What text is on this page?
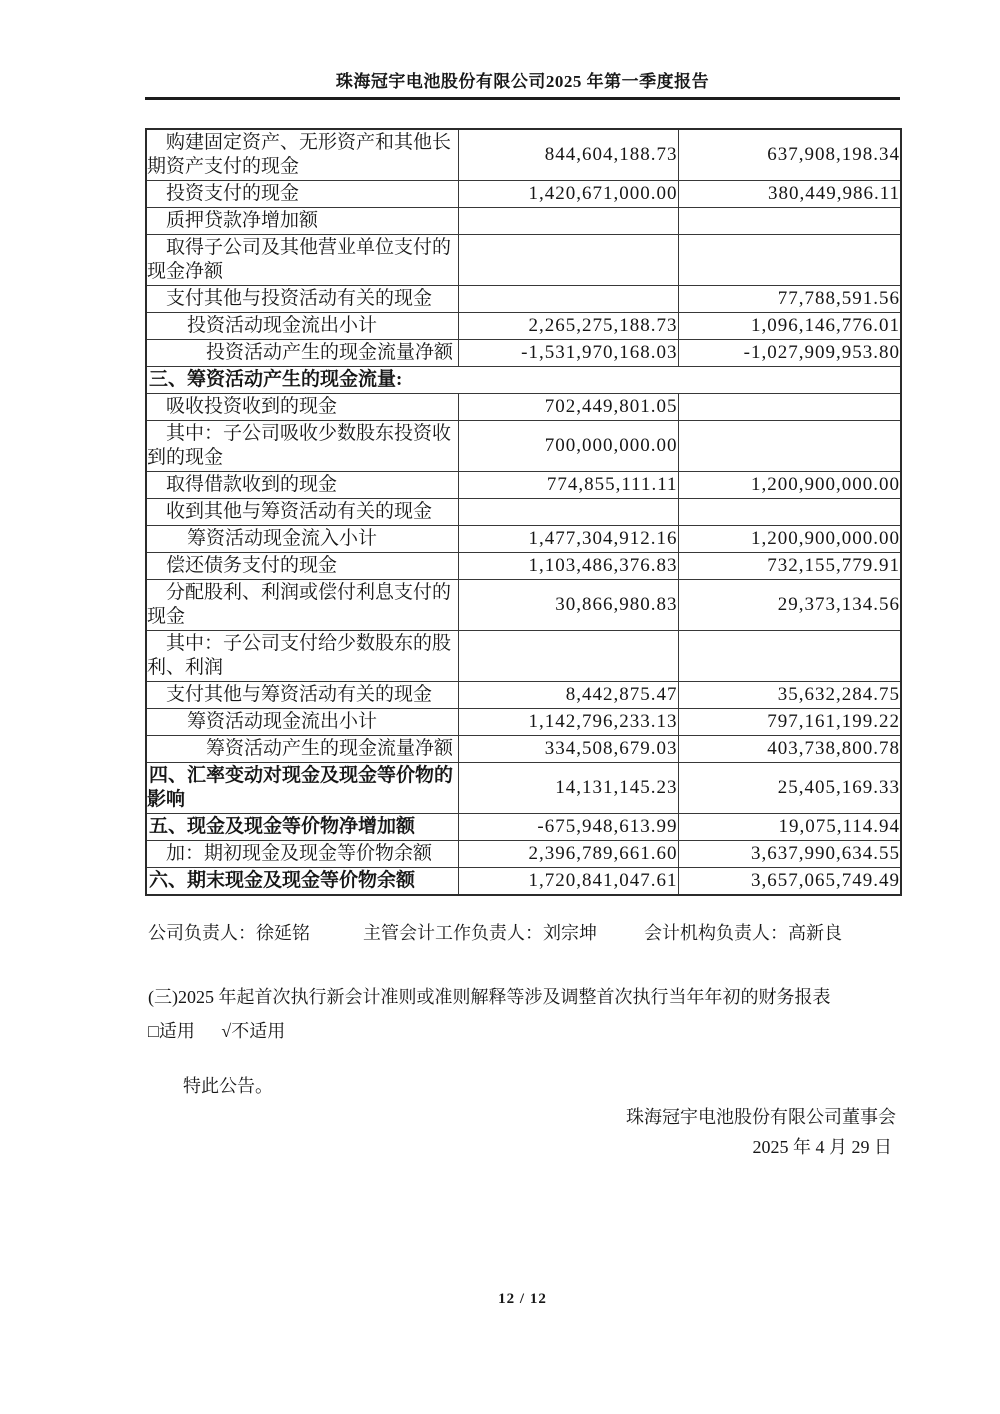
珠海冠宇电池股份有限公司2025 年第一季度报告
购建固定资产、无形资产和其他长期资产支付的现金	844,604,188.73	637,908,198.34
投资支付的现金	1,420,671,000.00	380,449,986.11
质押贷款净增加额		
取得子公司及其他营业单位支付的现金净额		
支付其他与投资活动有关的现金		77,788,591.56
投资活动现金流出小计	2,265,275,188.73	1,096,146,776.01
投资活动产生的现金流量净额	-1,531,970,168.03	-1,027,909,953.80
三、筹资活动产生的现金流量:		
吸收投资收到的现金	702,449,801.05	
其中：子公司吸收少数股东投资收到的现金	700,000,000.00	
取得借款收到的现金	774,855,111.11	1,200,900,000.00
收到其他与筹资活动有关的现金		
筹资活动现金流入小计	1,477,304,912.16	1,200,900,000.00
偿还债务支付的现金	1,103,486,376.83	732,155,779.91
分配股利、利润或偿付利息支付的现金	30,866,980.83	29,373,134.56
其中：子公司支付给少数股东的股利、利润		
支付其他与筹资活动有关的现金	8,442,875.47	35,632,284.75
筹资活动现金流出小计	1,142,796,233.13	797,161,199.22
筹资活动产生的现金流量净额	334,508,679.03	403,738,800.78
四、汇率变动对现金及现金等价物的影响	14,131,145.23	25,405,169.33
五、现金及现金等价物净增加额	-675,948,613.99	19,075,114.94
加：期初现金及现金等价物余额	2,396,789,661.60	3,637,990,634.55
六、期末现金及现金等价物余额	1,720,841,047.61	3,657,065,749.49
公司负责人：徐延铭	主管会计工作负责人：刘宗坤	会计机构负责人：高新良
(三)2025 年起首次执行新会计准则或准则解释等涉及调整首次执行当年年初的财务报表
□适用 √不适用
特此公告。
珠海冠宇电池股份有限公司董事会
2025 年 4 月 29 日
12 / 12
